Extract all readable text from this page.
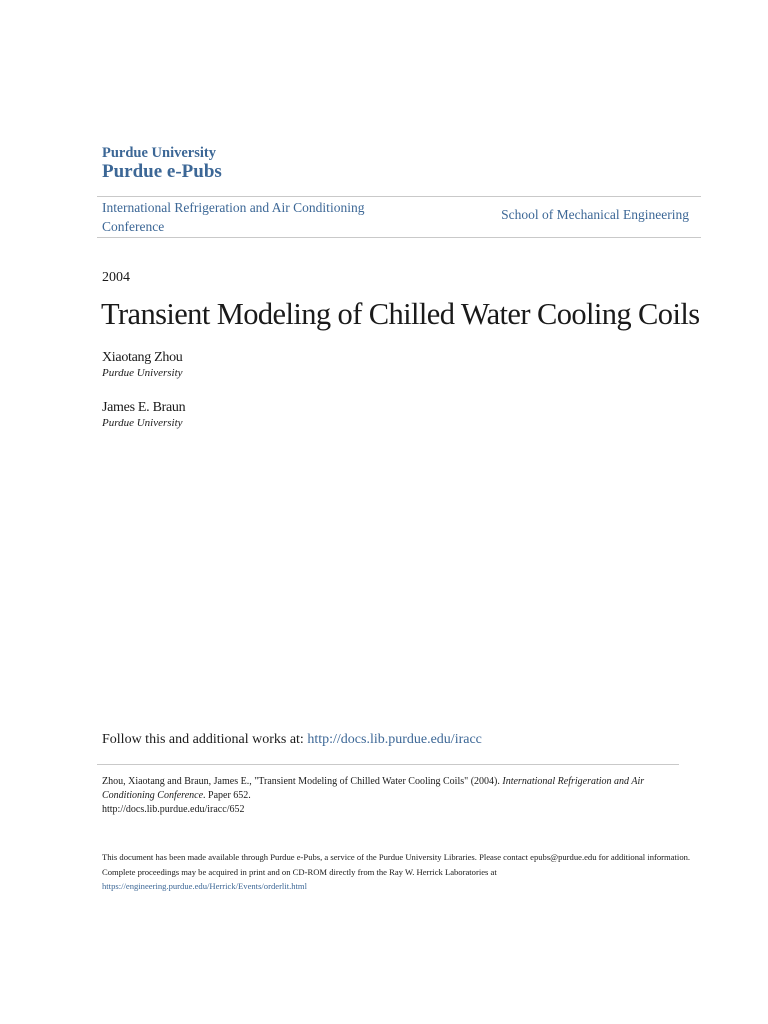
Purdue University
Purdue e-Pubs
International Refrigeration and Air Conditioning Conference
School of Mechanical Engineering
2004
Transient Modeling of Chilled Water Cooling Coils
Xiaotang Zhou
Purdue University
James E. Braun
Purdue University
Follow this and additional works at: http://docs.lib.purdue.edu/iracc
Zhou, Xiaotang and Braun, James E., "Transient Modeling of Chilled Water Cooling Coils" (2004). International Refrigeration and Air Conditioning Conference. Paper 652.
http://docs.lib.purdue.edu/iracc/652
This document has been made available through Purdue e-Pubs, a service of the Purdue University Libraries. Please contact epubs@purdue.edu for additional information.
Complete proceedings may be acquired in print and on CD-ROM directly from the Ray W. Herrick Laboratories at https://engineering.purdue.edu/Herrick/Events/orderlit.html
